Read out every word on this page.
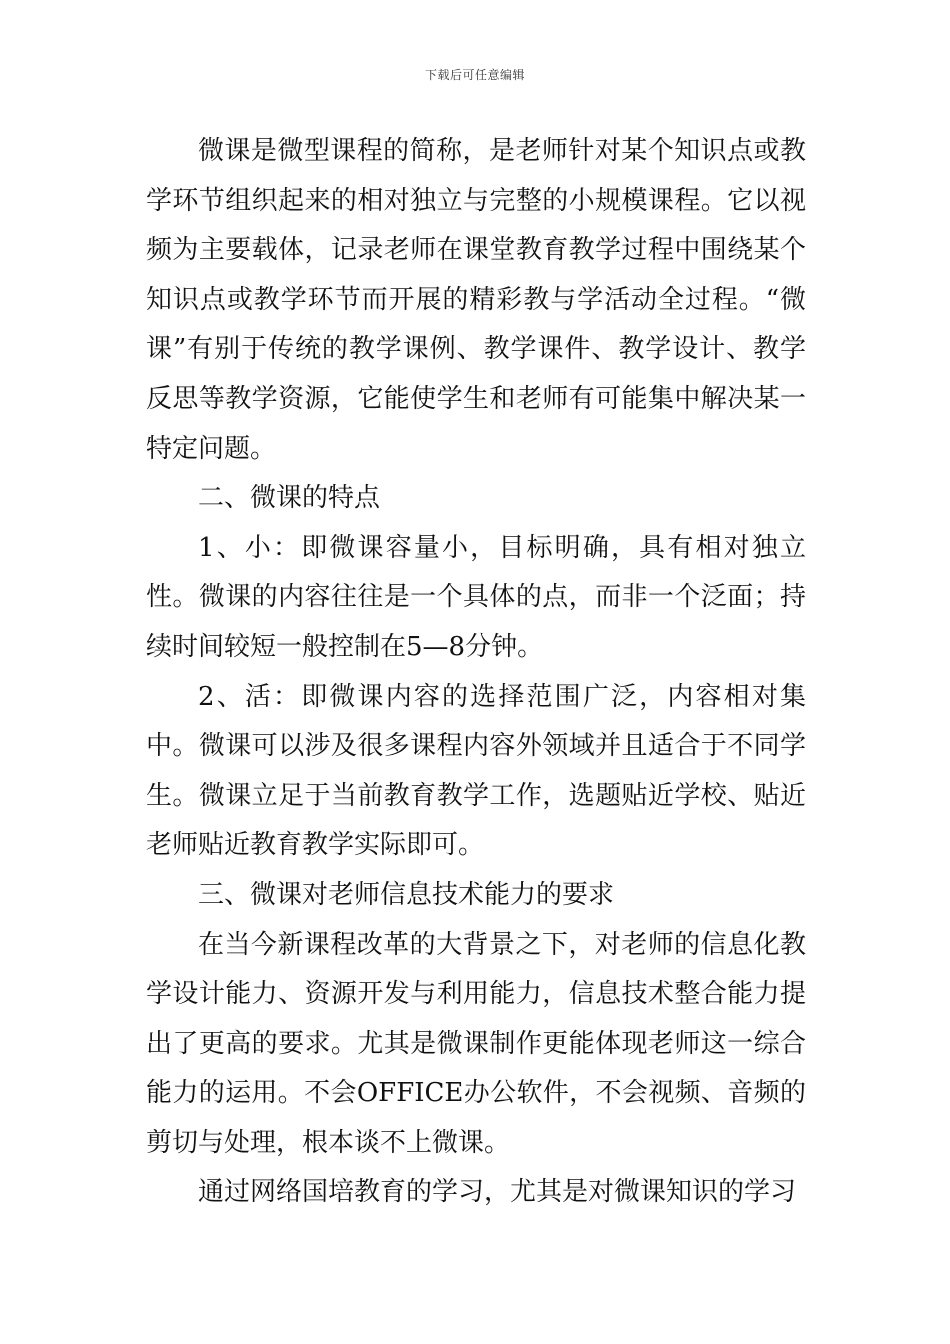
下载后可任意编辑

微课是微型课程的简称，是老师针对某个知识点或教学环节组织起来的相对独立与完整的小规模课程。它以视频为主要载体，记录老师在课堂教育教学过程中围绕某个知识点或教学环节而开展的精彩教与学活动全过程。“微课”有别于传统的教学课例、教学课件、教学设计、教学反思等教学资源，它能使学生和老师有可能集中解决某一特定问题。

二、微课的特点

1、小：即微课容量小，目标明确，具有相对独立性。微课的内容往往是一个具体的点，而非一个泛面；持续时间较短一般控制在5—8分钟。

2、活：即微课内容的选择范围广泛，内容相对集中。微课可以涉及很多课程内容外领域并且适合于不同学生。微课立足于当前教育教学工作，选题贴近学校、贴近老师贴近教育教学实际即可。

三、微课对老师信息技术能力的要求

在当今新课程改革的大背景之下，对老师的信息化教学设计能力、资源开发与利用能力，信息技术整合能力提出了更高的要求。尤其是微课制作更能体现老师这一综合能力的运用。不会OFFICE办公软件，不会视频、音频的剪切与处理，根本谈不上微课。

通过网络国培教育的学习，尤其是对微课知识的学习
